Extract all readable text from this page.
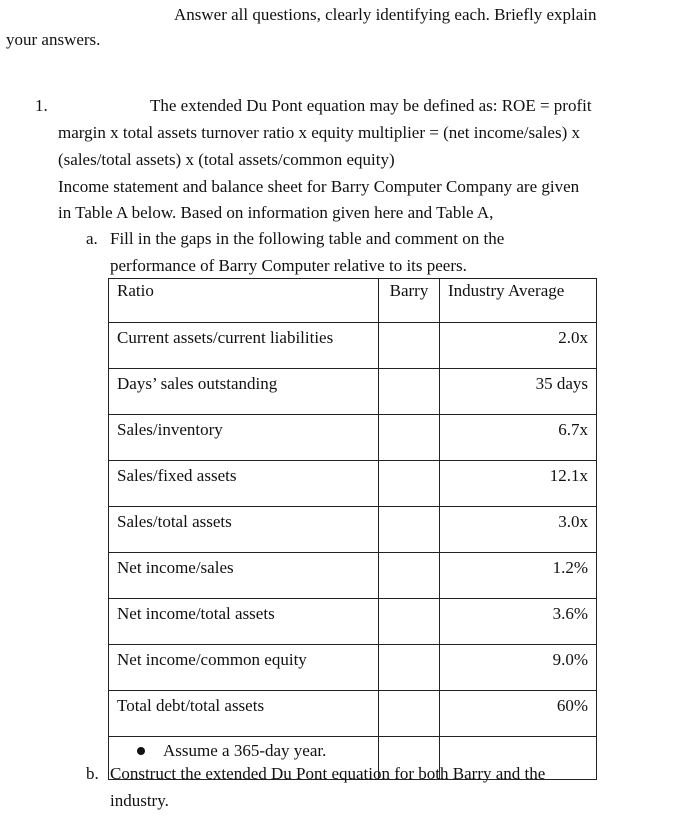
Answer all questions, clearly identifying each. Briefly explain
your answers.
1.	The extended Du Pont equation may be defined as: ROE = profit
margin x total assets turnover ratio x equity multiplier = (net income/sales) x
(sales/total assets) x (total assets/common equity)
Income statement and balance sheet for Barry Computer Company are given
in Table A below. Based on information given here and Table A,
a. Fill in the gaps in the following table and comment on the
performance of Barry Computer relative to its peers.
Ratio	Barry	Industry Average
Current assets/current liabilities		2.0x
Days’ sales outstanding		35 days
Sales/inventory		6.7x
Sales/fixed assets		12.1x
Sales/total assets		3.0x
Net income/sales		1.2%
Net income/total assets		3.6%
Net income/common equity		9.0%
Total debt/total assets		60%
Assume a 365-day year.		
b. Construct the extended Du Pont equation for both Barry and the
industry.
